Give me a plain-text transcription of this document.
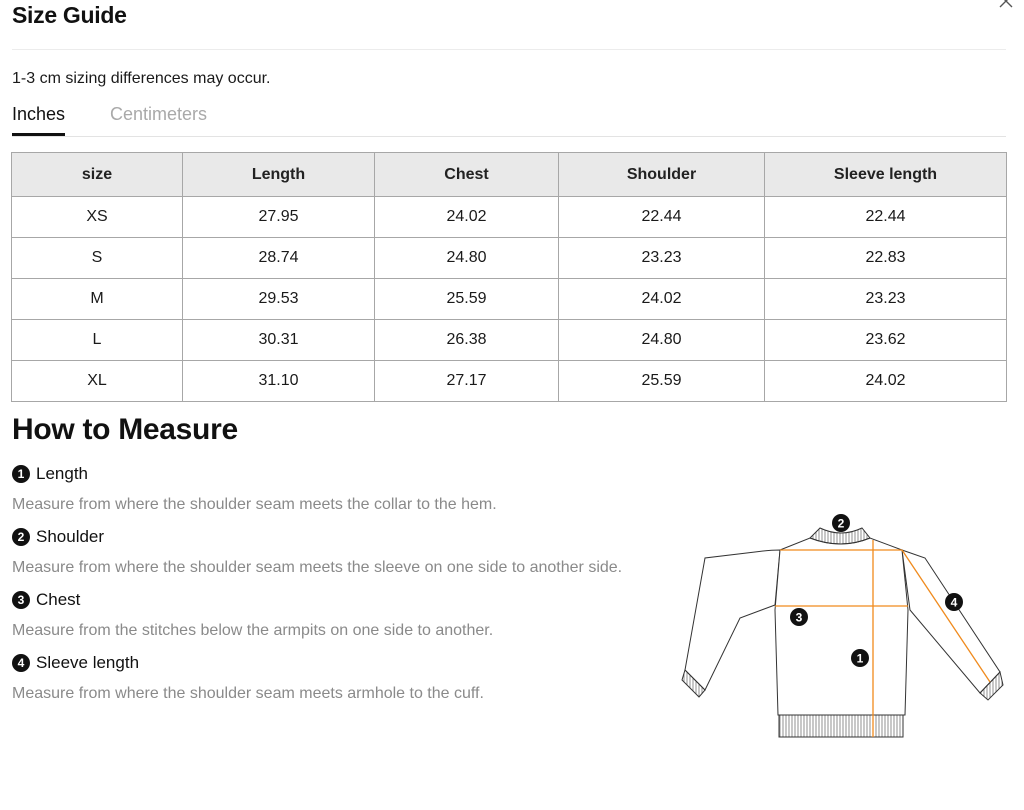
Size Guide
1-3 cm sizing differences may occur.
Inches Centimeters
size	Length	Chest	Shoulder	Sleeve length
XS	27.95	24.02	22.44	22.44
S	28.74	24.80	23.23	22.83
M	29.53	25.59	24.02	23.23
L	30.31	26.38	24.80	23.62
XL	31.10	27.17	25.59	24.02
How to Measure
1 Length
Measure from where the shoulder seam meets the collar to the hem.
2 Shoulder
Measure from where the shoulder seam meets the sleeve on one side to another side.
3 Chest
Measure from the stitches below the armpits on one side to another.
4 Sleeve length
Measure from where the shoulder seam meets armhole to the cuff.
2
3
1
4
